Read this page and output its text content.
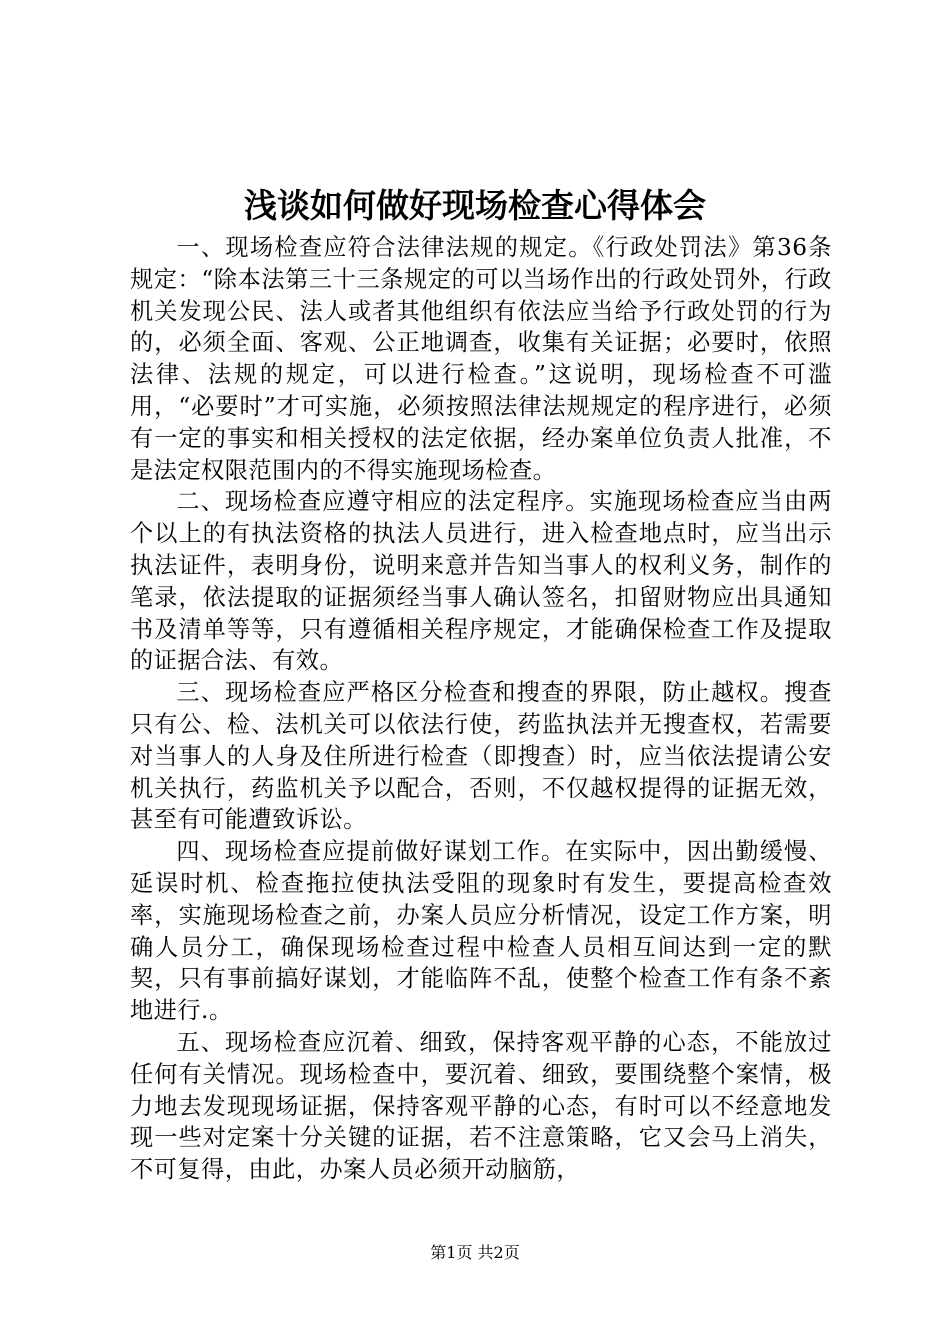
浅谈如何做好现场检查心得体会

一、现场检查应符合法律法规的规定。《行政处罚法》第36条规定：“除本法第三十三条规定的可以当场作出的行政处罚外，行政机关发现公民、法人或者其他组织有依法应当给予行政处罚的行为的，必须全面、客观、公正地调查，收集有关证据；必要时，依照法律、法规的规定，可以进行检查。”这说明，现场检查不可滥用，“必要时”才可实施，必须按照法律法规规定的程序进行，必须有一定的事实和相关授权的法定依据，经办案单位负责人批准，不是法定权限范围内的不得实施现场检查。

二、现场检查应遵守相应的法定程序。实施现场检查应当由两个以上的有执法资格的执法人员进行，进入检查地点时，应当出示执法证件，表明身份，说明来意并告知当事人的权利义务，制作的笔录，依法提取的证据须经当事人确认签名，扣留财物应出具通知书及清单等等，只有遵循相关程序规定，才能确保检查工作及提取的证据合法、有效。

三、现场检查应严格区分检查和搜查的界限，防止越权。搜查只有公、检、法机关可以依法行使，药监执法并无搜查权，若需要对当事人的人身及住所进行检查（即搜查）时，应当依法提请公安机关执行，药监机关予以配合，否则，不仅越权提得的证据无效，甚至有可能遭致诉讼。

四、现场检查应提前做好谋划工作。在实际中，因出勤缓慢、延误时机、检查拖拉使执法受阻的现象时有发生，要提高检查效率，实施现场检查之前，办案人员应分析情况，设定工作方案，明确人员分工，确保现场检查过程中检查人员相互间达到一定的默契，只有事前搞好谋划，才能临阵不乱，使整个检查工作有条不紊地进行.。

五、现场检查应沉着、细致，保持客观平静的心态，不能放过任何有关情况。现场检查中，要沉着、细致，要围绕整个案情，极力地去发现现场证据，保持客观平静的心态，有时可以不经意地发现一些对定案十分关键的证据，若不注意策略，它又会马上消失，不可复得，由此，办案人员必须开动脑筋，

第1页 共2页
